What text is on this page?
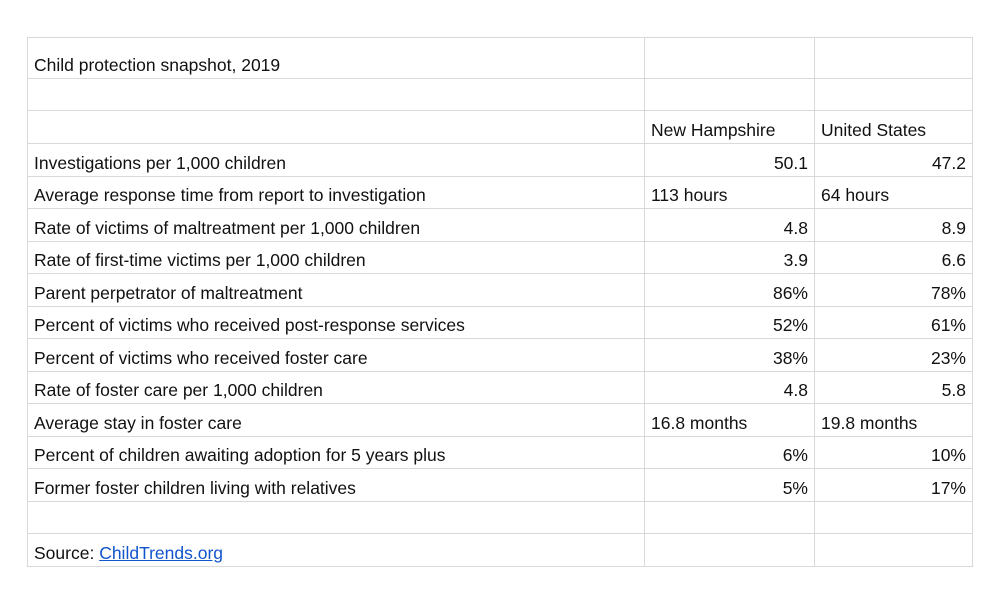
Child protection snapshot, 2019		

	New Hampshire	United States
Investigations per 1,000 children	50.1	47.2
Average response time from report to investigation	113 hours	64 hours
Rate of victims of maltreatment per 1,000 children	4.8	8.9
Rate of first-time victims per 1,000 children	3.9	6.6
Parent perpetrator of maltreatment	86%	78%
Percent of victims who received post-response services	52%	61%
Percent of victims who received foster care	38%	23%
Rate of foster care per 1,000 children	4.8	5.8
Average stay in foster care	16.8 months	19.8 months
Percent of children awaiting adoption for 5 years plus	6%	10%
Former foster children living with relatives	5%	17%

Source: ChildTrends.org		
